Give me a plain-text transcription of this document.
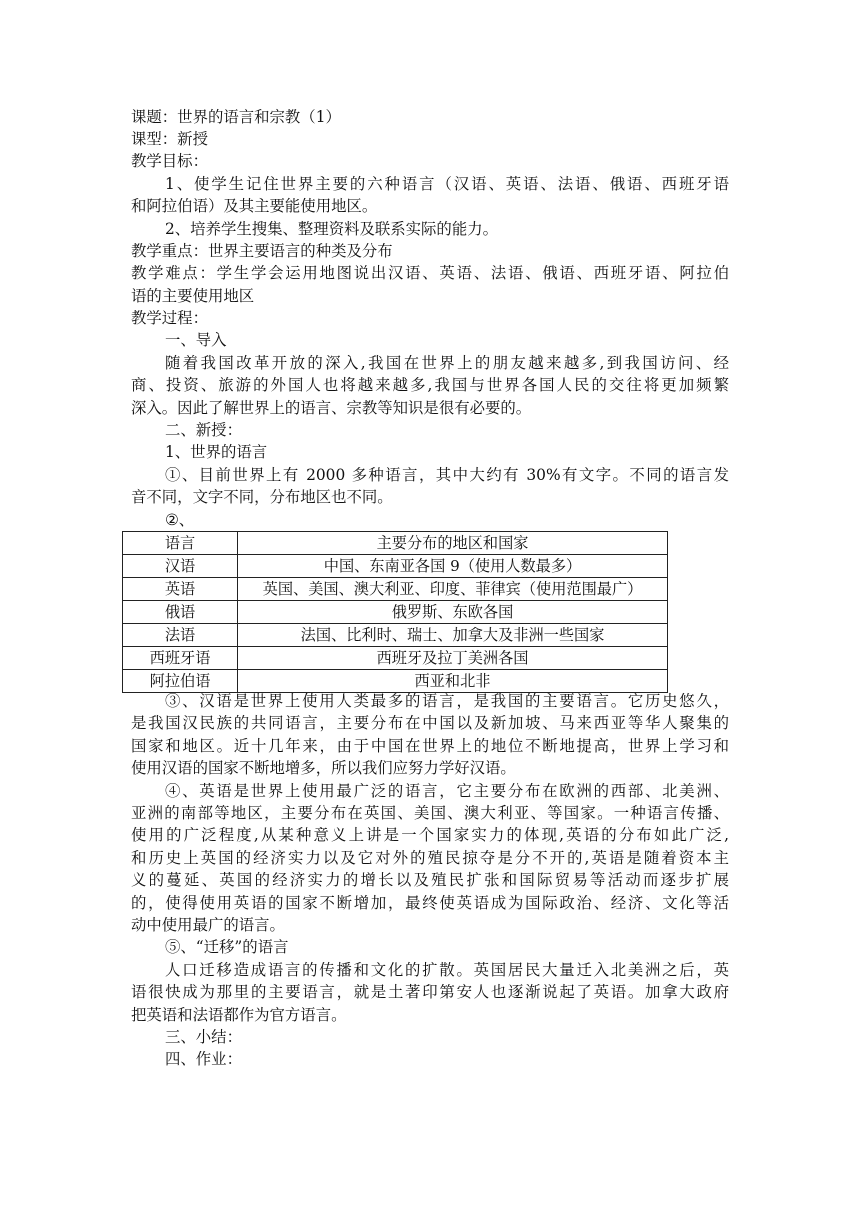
课题：世界的语言和宗教（1）
课型：新授
教学目标：
1、使学生记住世界主要的六种语言（汉语、英语、法语、俄语、西班牙语
和阿拉伯语）及其主要能使用地区。
2、培养学生搜集、整理资料及联系实际的能力。
教学重点：世界主要语言的种类及分布
教学难点：学生学会运用地图说出汉语、英语、法语、俄语、西班牙语、阿拉伯
语的主要使用地区
教学过程：
一、导入
随着我国改革开放的深入,我国在世界上的朋友越来越多,到我国访问、经
商、投资、旅游的外国人也将越来越多,我国与世界各国人民的交往将更加频繁
深入。因此了解世界上的语言、宗教等知识是很有必要的。
二、新授：
1、世界的语言
①、目前世界上有 2000 多种语言，其中大约有 30%有文字。不同的语言发
音不同，文字不同，分布地区也不同。
②、
语言	主要分布的地区和国家
汉语	中国、东南亚各国 9（使用人数最多）
英语	英国、美国、澳大利亚、印度、菲律宾（使用范围最广）
俄语	俄罗斯、东欧各国
法语	法国、比利时、瑞士、加拿大及非洲一些国家
西班牙语	西班牙及拉丁美洲各国
阿拉伯语	西亚和北非
③、汉语是世界上使用人类最多的语言，是我国的主要语言。它历史悠久，
是我国汉民族的共同语言，主要分布在中国以及新加坡、马来西亚等华人聚集的
国家和地区。近十几年来，由于中国在世界上的地位不断地提高，世界上学习和
使用汉语的国家不断地增多，所以我们应努力学好汉语。
④、英语是世界上使用最广泛的语言，它主要分布在欧洲的西部、北美洲、
亚洲的南部等地区，主要分布在英国、美国、澳大利亚、等国家。一种语言传播、
使用的广泛程度,从某种意义上讲是一个国家实力的体现,英语的分布如此广泛,
和历史上英国的经济实力以及它对外的殖民掠夺是分不开的,英语是随着资本主
义的蔓延、英国的经济实力的增长以及殖民扩张和国际贸易等活动而逐步扩展
的，使得使用英语的国家不断增加，最终使英语成为国际政治、经济、文化等活
动中使用最广的语言。
⑤、“迁移”的语言
人口迁移造成语言的传播和文化的扩散。英国居民大量迁入北美洲之后，英
语很快成为那里的主要语言，就是土著印第安人也逐渐说起了英语。加拿大政府
把英语和法语都作为官方语言。
三、小结：
四、作业：
